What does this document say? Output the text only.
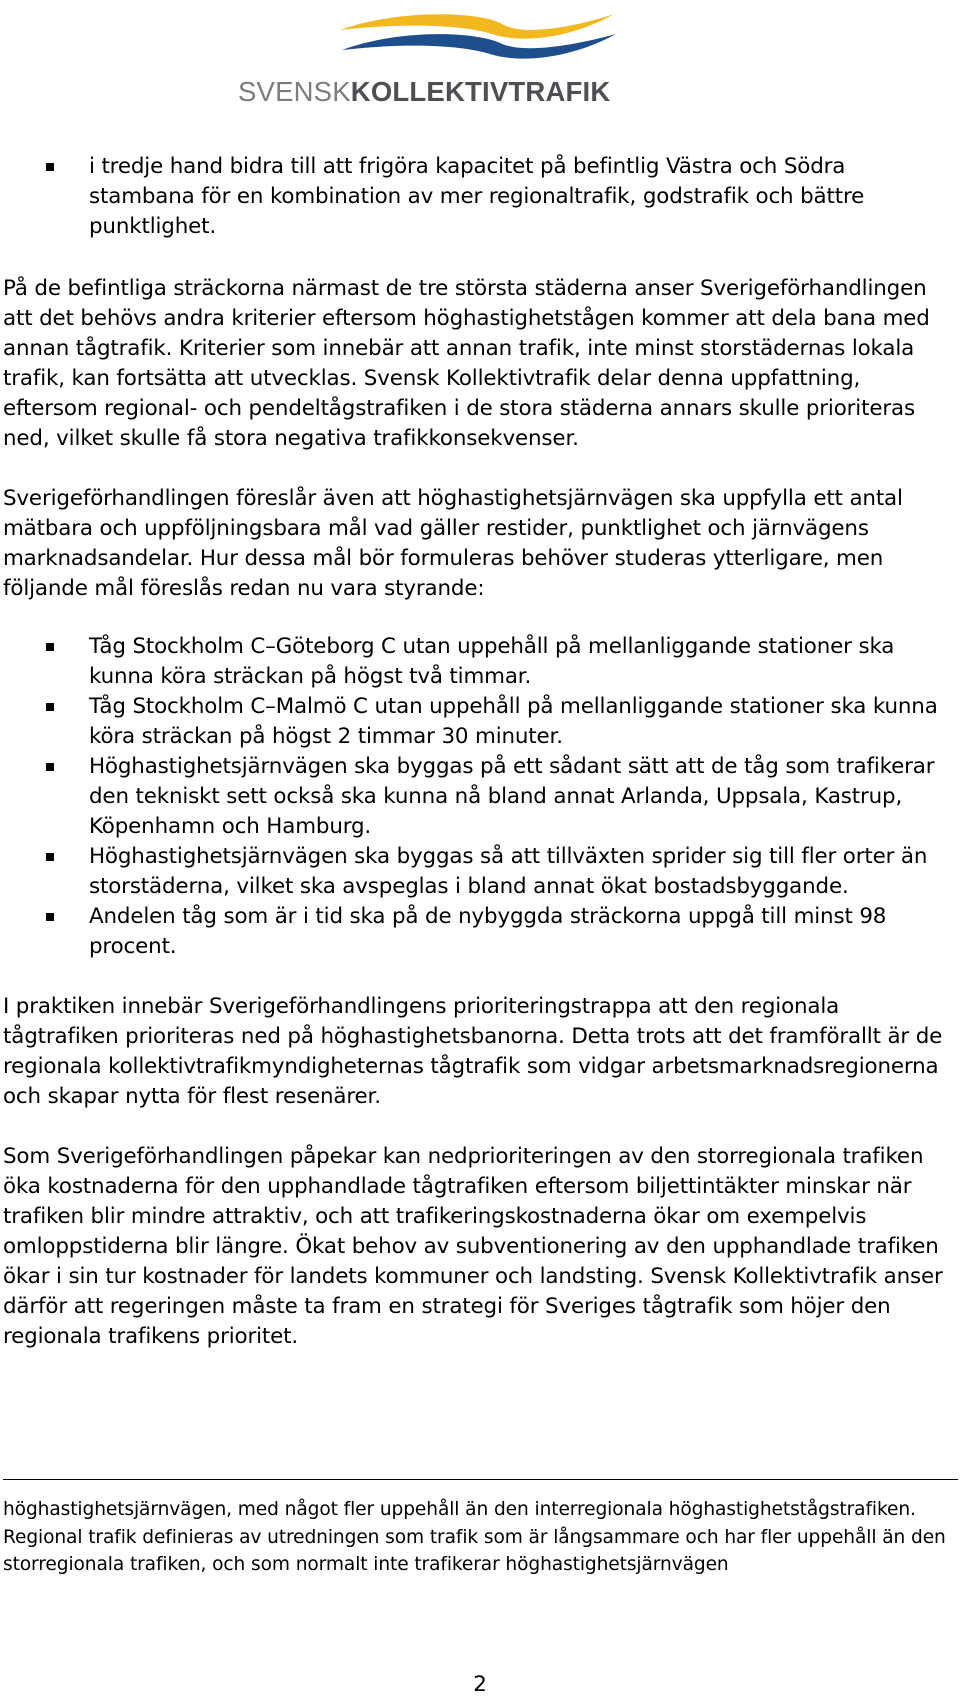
SVENSKKOLLEKTIVTRAFIK
i tredje hand bidra till att frigöra kapacitet på befintlig Västra och Södra stambana för en kombination av mer regionaltrafik, godstrafik och bättre punktlighet.

På de befintliga sträckorna närmast de tre största städerna anser Sverigeförhandlingen att det behövs andra kriterier eftersom höghastighetstågen kommer att dela bana med annan tågtrafik. Kriterier som innebär att annan trafik, inte minst storstädernas lokala trafik, kan fortsätta att utvecklas. Svensk Kollektivtrafik delar denna uppfattning, eftersom regional- och pendeltågstrafiken i de stora städerna annars skulle prioriteras ned, vilket skulle få stora negativa trafikkonsekvenser.

Sverigeförhandlingen föreslår även att höghastighetsjärnvägen ska uppfylla ett antal mätbara och uppföljningsbara mål vad gäller restider, punktlighet och järnvägens marknadsandelar. Hur dessa mål bör formuleras behöver studeras ytterligare, men följande mål föreslås redan nu vara styrande:

Tåg Stockholm C–Göteborg C utan uppehåll på mellanliggande stationer ska kunna köra sträckan på högst två timmar.
Tåg Stockholm C–Malmö C utan uppehåll på mellanliggande stationer ska kunna köra sträckan på högst 2 timmar 30 minuter.
Höghastighetsjärnvägen ska byggas på ett sådant sätt att de tåg som trafikerar den tekniskt sett också ska kunna nå bland annat Arlanda, Uppsala, Kastrup, Köpenhamn och Hamburg.
Höghastighetsjärnvägen ska byggas så att tillväxten sprider sig till fler orter än storstäderna, vilket ska avspeglas i bland annat ökat bostadsbyggande.
Andelen tåg som är i tid ska på de nybyggda sträckorna uppgå till minst 98 procent.

I praktiken innebär Sverigeförhandlingens prioriteringstrappa att den regionala tågtrafiken prioriteras ned på höghastighetsbanorna. Detta trots att det framförallt är de regionala kollektivtrafikmyndigheternas tågtrafik som vidgar arbetsmarknadsregionerna och skapar nytta för flest resenärer.

Som Sverigeförhandlingen påpekar kan nedprioriteringen av den storregionala trafiken öka kostnaderna för den upphandlade tågtrafiken eftersom biljettintäkter minskar när trafiken blir mindre attraktiv, och att trafikeringskostnaderna ökar om exempelvis omloppstiderna blir längre. Ökat behov av subventionering av den upphandlade trafiken ökar i sin tur kostnader för landets kommuner och landsting. Svensk Kollektivtrafik anser därför att regeringen måste ta fram en strategi för Sveriges tågtrafik som höjer den regionala trafikens prioritet.

höghastighetsjärnvägen, med något fler uppehåll än den interregionala höghastighetstågstrafiken. Regional trafik definieras av utredningen som trafik som är långsammare och har fler uppehåll än den storregionala trafiken, och som normalt inte trafikerar höghastighetsjärnvägen
2
